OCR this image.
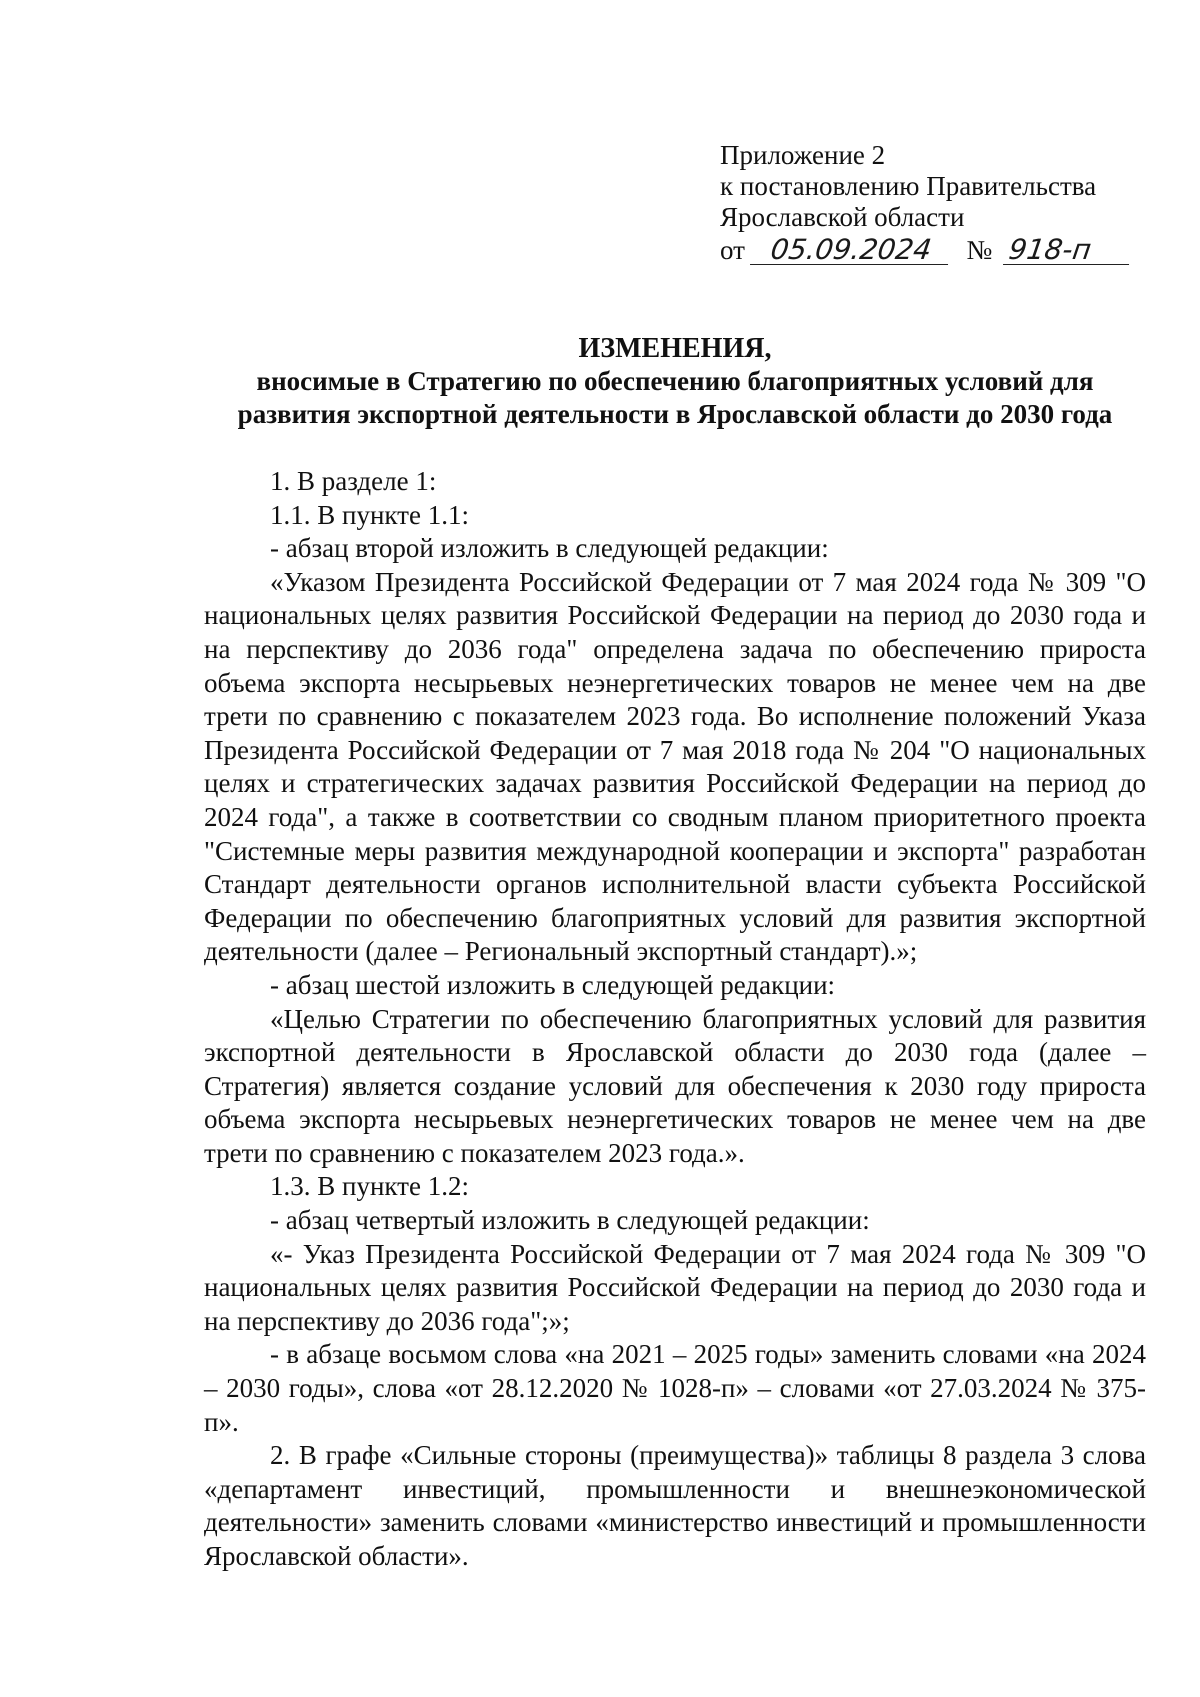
Приложение 2
к постановлению Правительства
Ярославской области
от 05.09.2024 № 918-п
ИЗМЕНЕНИЯ,
вносимые в Стратегию по обеспечению благоприятных условий для
развития экспортной деятельности в Ярославской области до 2030 года

1. В разделе 1:

1.1. В пункте 1.1:

- абзац второй изложить в следующей редакции:

«Указом Президента Российской Федерации от 7 мая 2024 года № 309 "О национальных целях развития Российской Федерации на период до 2030 года и на перспективу до 2036 года" определена задача по обеспечению прироста объема экспорта несырьевых неэнергетических товаров не менее чем на две трети по сравнению с показателем 2023 года. Во исполнение положений Указа Президента Российской Федерации от 7 мая 2018 года № 204 "О национальных целях и стратегических задачах развития Российской Федерации на период до 2024 года", а также в соответствии со сводным планом приоритетного проекта "Системные меры развития международной кооперации и экспорта" разработан Стандарт деятельности органов исполнительной власти субъекта Российской Федерации по обеспечению благоприятных условий для развития экспортной деятельности (далее – Региональный экспортный стандарт).»;

- абзац шестой изложить в следующей редакции:

«Целью Стратегии по обеспечению благоприятных условий для развития экспортной деятельности в Ярославской области до 2030 года (далее – Стратегия) является создание условий для обеспечения к 2030 году прироста объема экспорта несырьевых неэнергетических товаров не менее чем на две трети по сравнению с показателем 2023 года.».

1.3. В пункте 1.2:

- абзац четвертый изложить в следующей редакции:

«- Указ Президента Российской Федерации от 7 мая 2024 года № 309 "О национальных целях развития Российской Федерации на период до 2030 года и на перспективу до 2036 года";»;

- в абзаце восьмом слова «на 2021 – 2025 годы» заменить словами «на 2024 – 2030 годы», слова «от 28.12.2020 № 1028-п» – словами «от 27.03.2024 № 375-п».

2. В графе «Сильные стороны (преимущества)» таблицы 8 раздела 3 слова «департамент инвестиций, промышленности и внешнеэкономической деятельности» заменить словами «министерство инвестиций и промышленности Ярославской области».
